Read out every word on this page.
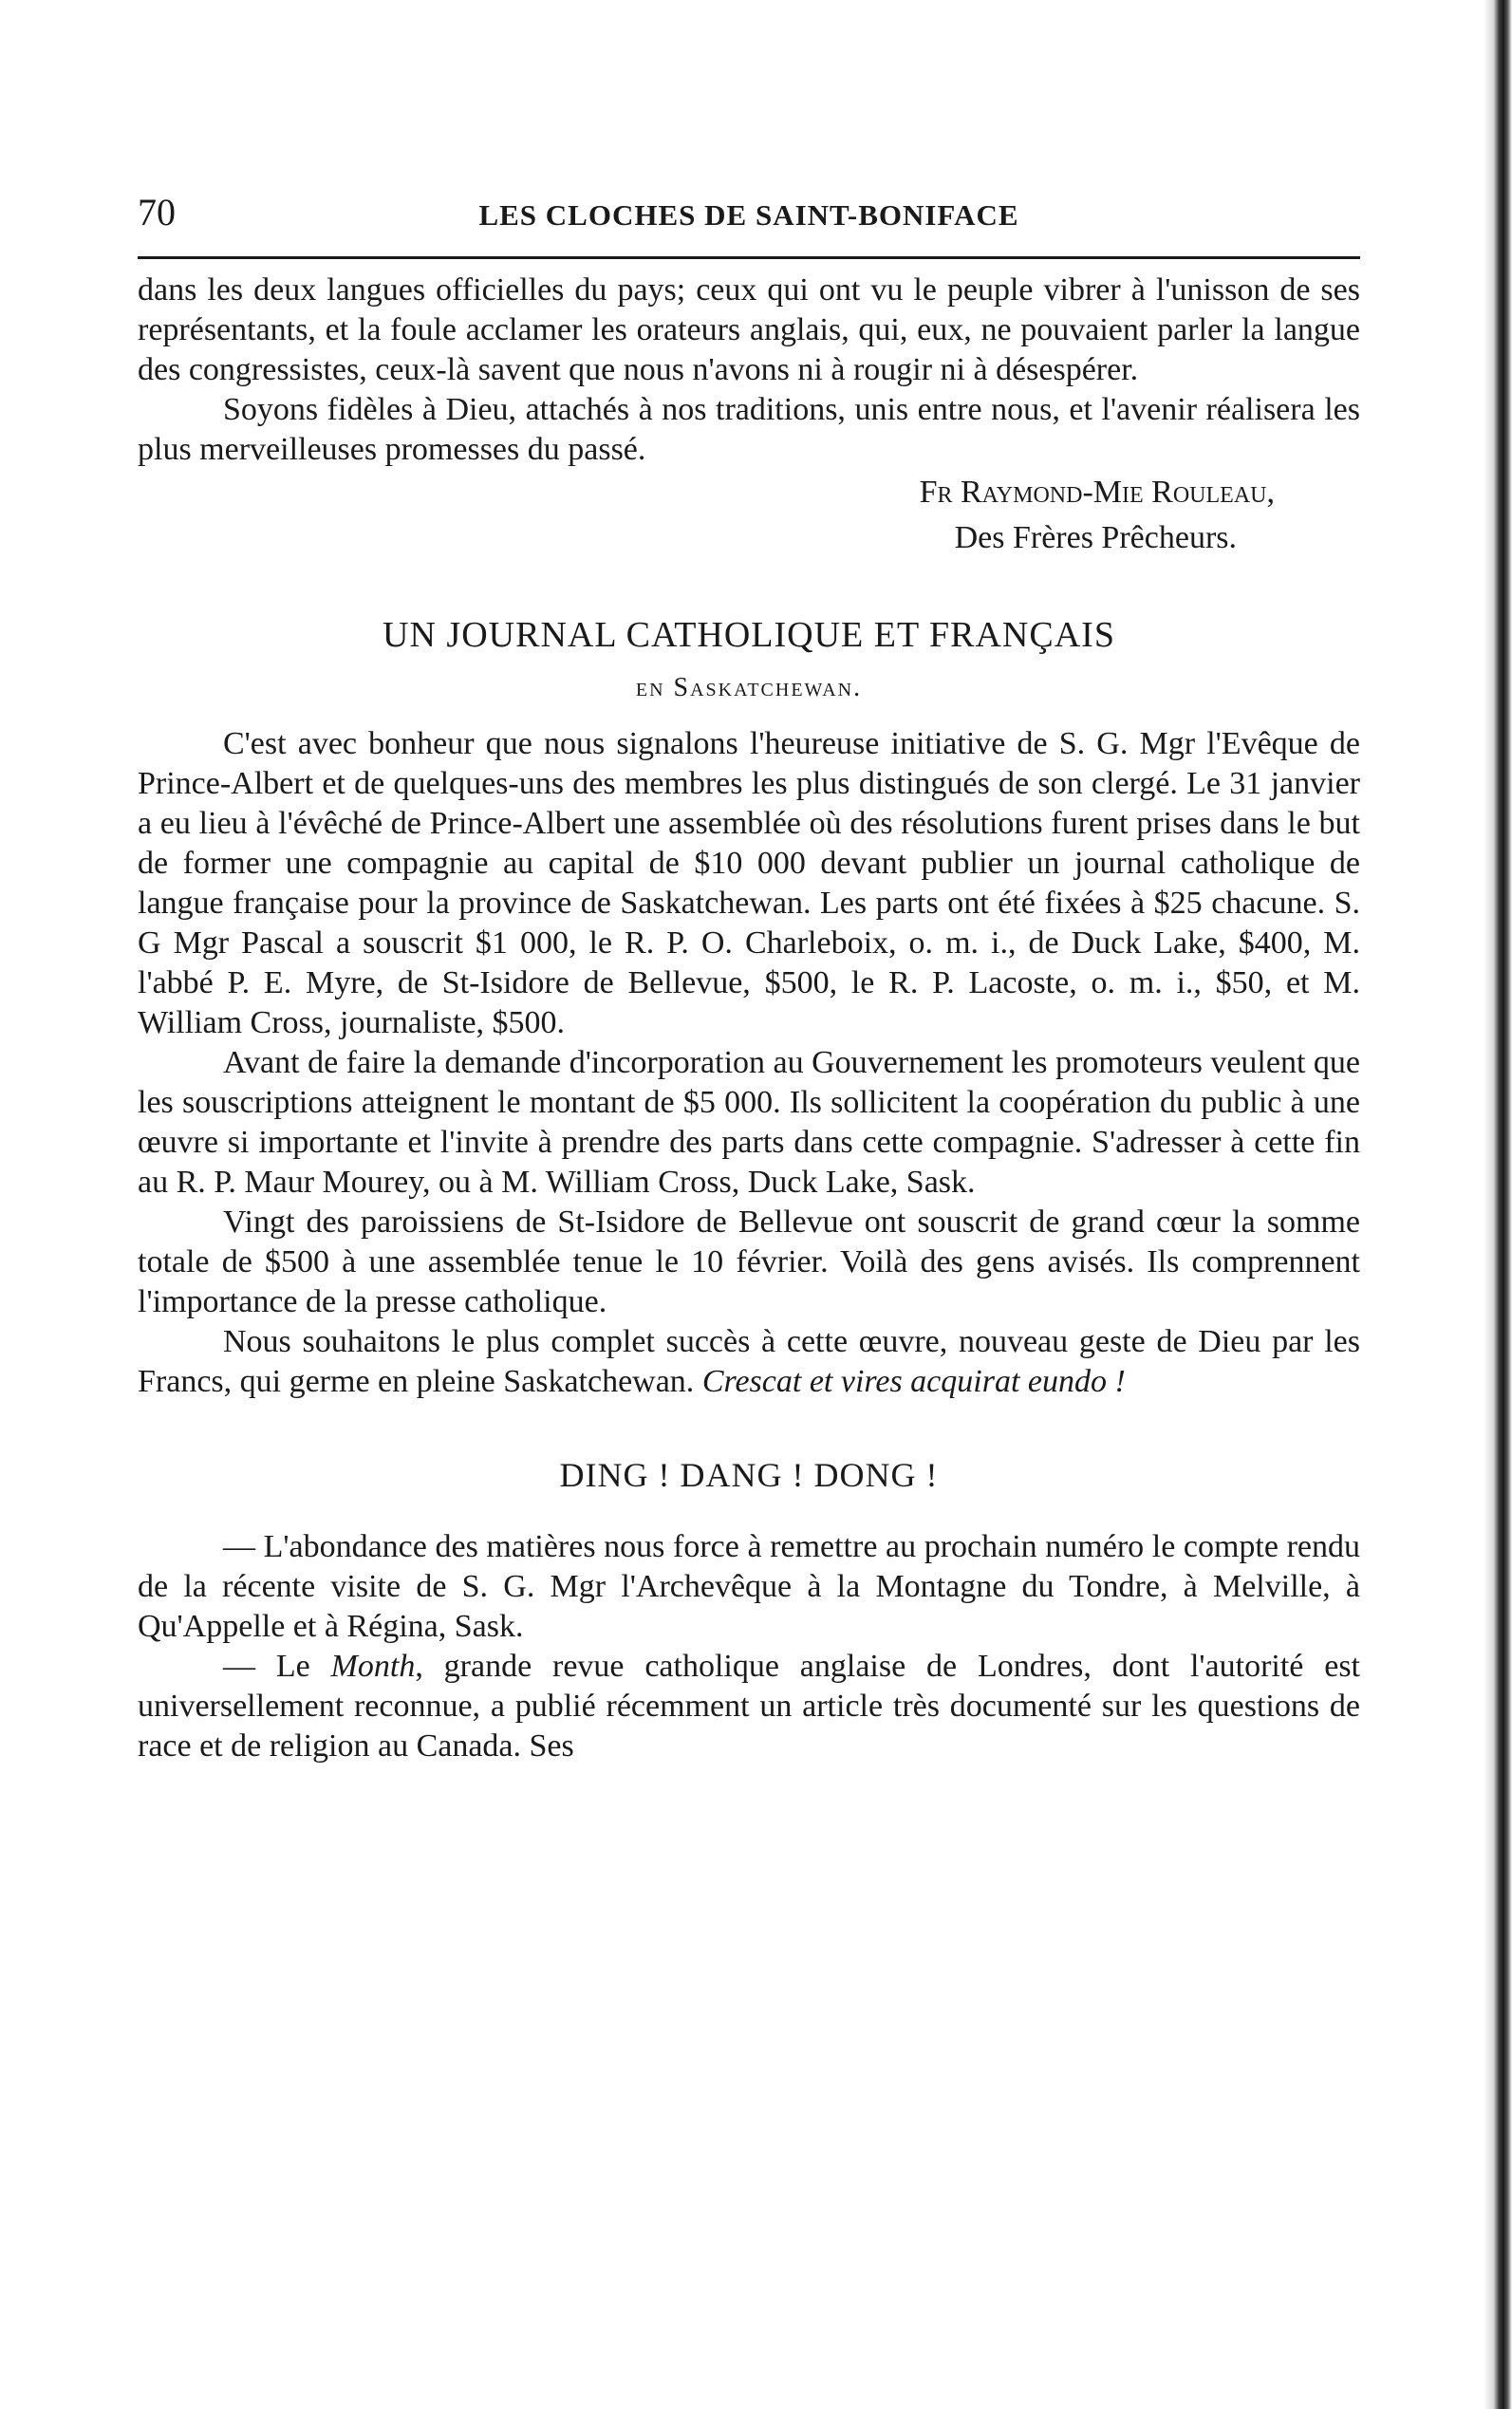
70	LES CLOCHES DE SAINT-BONIFACE

dans les deux langues officielles du pays; ceux qui ont vu le peuple vibrer à l'unisson de ses représentants, et la foule acclamer les orateurs anglais, qui, eux, ne pouvaient parler la langue des congressistes, ceux-là savent que nous n'avons ni à rougir ni à désespérer.

Soyons fidèles à Dieu, attachés à nos traditions, unis entre nous, et l'avenir réalisera les plus merveilleuses promesses du passé.

Fr Raymond-Mie Rouleau,
Des Frères Prêcheurs.
UN JOURNAL CATHOLIQUE ET FRANÇAIS
en Saskatchewan.

C'est avec bonheur que nous signalons l'heureuse initiative de S. G. Mgr l'Evêque de Prince-Albert et de quelques-uns des membres les plus distingués de son clergé. Le 31 janvier a eu lieu à l'évêché de Prince-Albert une assemblée où des résolutions furent prises dans le but de former une compagnie au capital de $10 000 devant publier un journal catholique de langue française pour la province de Saskatchewan. Les parts ont été fixées à $25 chacune. S. G Mgr Pascal a souscrit $1 000, le R. P. O. Charleboix, o. m. i., de Duck Lake, $400, M. l'abbé P. E. Myre, de St-Isidore de Bellevue, $500, le R. P. Lacoste, o. m. i., $50, et M. William Cross, journaliste, $500.

Avant de faire la demande d'incorporation au Gouvernement les promoteurs veulent que les souscriptions atteignent le montant de $5 000. Ils sollicitent la coopération du public à une œuvre si importante et l'invite à prendre des parts dans cette compagnie. S'adresser à cette fin au R. P. Maur Mourey, ou à M. William Cross, Duck Lake, Sask.

Vingt des paroissiens de St-Isidore de Bellevue ont souscrit de grand cœur la somme totale de $500 à une assemblée tenue le 10 février. Voilà des gens avisés. Ils comprennent l'importance de la presse catholique.

Nous souhaitons le plus complet succès à cette œuvre, nouveau geste de Dieu par les Francs, qui germe en pleine Saskatchewan. Crescat et vires acquirat eundo !

DING ! DANG ! DONG !

— L'abondance des matières nous force à remettre au prochain numéro le compte rendu de la récente visite de S. G. Mgr l'Archevêque à la Montagne du Tondre, à Melville, à Qu'Appelle et à Régina, Sask.

— Le Month, grande revue catholique anglaise de Londres, dont l'autorité est universellement reconnue, a publié récemment un article très documenté sur les questions de race et de religion au Canada. Ses
